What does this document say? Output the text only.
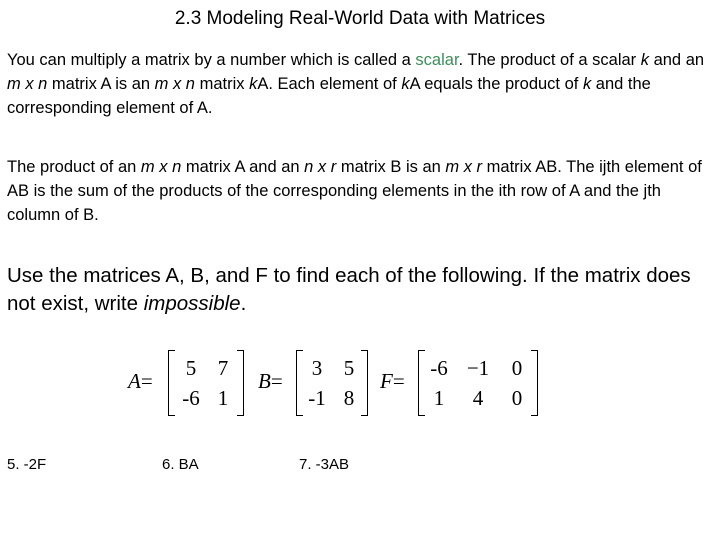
2.3 Modeling Real-World Data with Matrices
You can multiply a matrix by a number which is called a scalar. The product of a scalar k and an m x n matrix A is an m x n matrix kA. Each element of kA equals the product of k and the corresponding element of A.
The product of an m x n matrix A and an n x r matrix B is an m x r matrix AB. The ijth element of AB is the sum of the products of the corresponding elements in the ith row of A and the jth column of B.
Use the matrices A, B, and F to find each of the following. If the matrix does not exist, write impossible.
A=
5	7
-6 1
B=
3	5
-1 8
F=
-6 −1	0
1	4	0
5. -2F	6. BA	7. -3AB
